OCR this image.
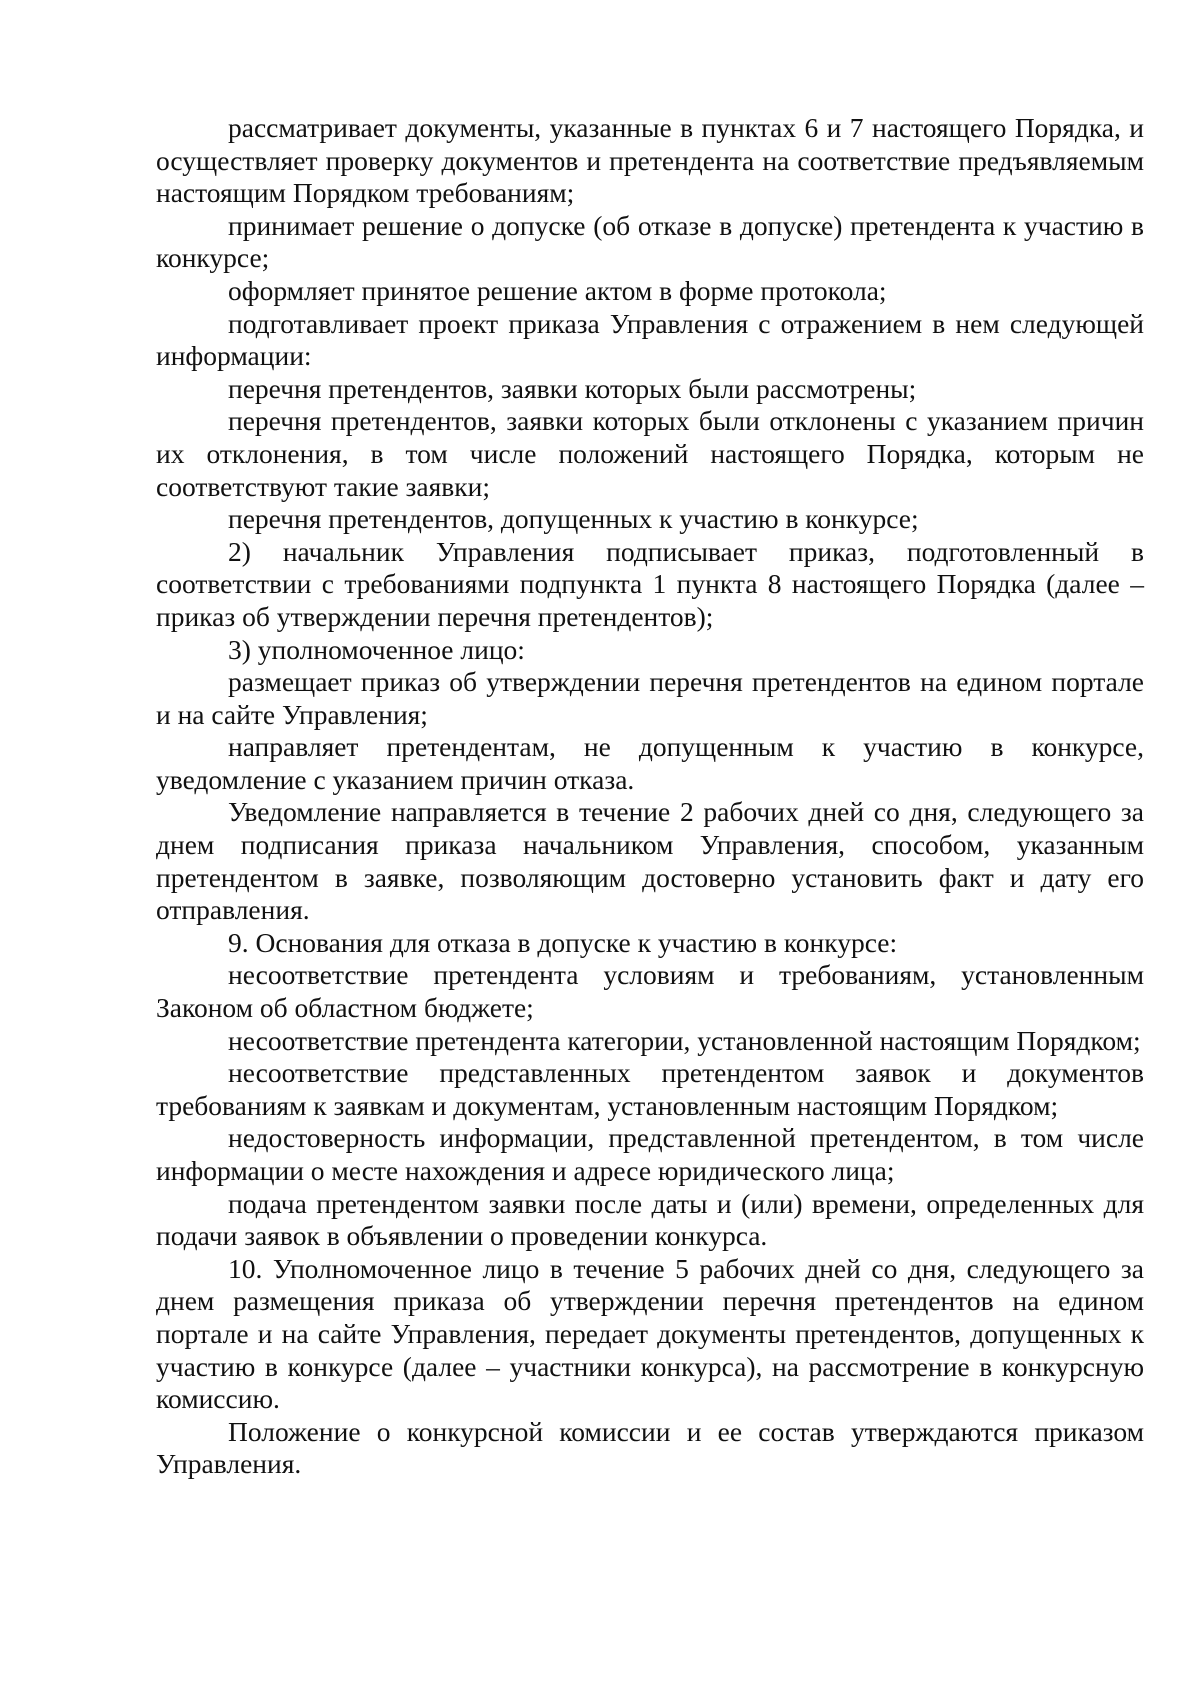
рассматривает документы, указанные в пунктах 6 и 7 настоящего Порядка, и осуществляет проверку документов и претендента на соответствие предъявляемым настоящим Порядком требованиям;

принимает решение о допуске (об отказе в допуске) претендента к участию в конкурсе;

оформляет принятое решение актом в форме протокола;

подготавливает проект приказа Управления с отражением в нем следующей информации:

перечня претендентов, заявки которых были рассмотрены;

перечня претендентов, заявки которых были отклонены с указанием причин их отклонения, в том числе положений настоящего Порядка, которым не соответствуют такие заявки;

перечня претендентов, допущенных к участию в конкурсе;

2) начальник Управления подписывает приказ, подготовленный в соответствии с требованиями подпункта 1 пункта 8 настоящего Порядка (далее – приказ об утверждении перечня претендентов);

3) уполномоченное лицо:

размещает приказ об утверждении перечня претендентов на едином портале и на сайте Управления;

направляет претендентам, не допущенным к участию в конкурсе, уведомление с указанием причин отказа.

Уведомление направляется в течение 2 рабочих дней со дня, следующего за днем подписания приказа начальником Управления, способом, указанным претендентом в заявке, позволяющим достоверно установить факт и дату его отправления.

9. Основания для отказа в допуске к участию в конкурсе:

несоответствие претендента условиям и требованиям, установленным Законом об областном бюджете;

несоответствие претендента категории, установленной настоящим Порядком;

несоответствие представленных претендентом заявок и документов требованиям к заявкам и документам, установленным настоящим Порядком;

недостоверность информации, представленной претендентом, в том числе информации о месте нахождения и адресе юридического лица;

подача претендентом заявки после даты и (или) времени, определенных для подачи заявок в объявлении о проведении конкурса.

10. Уполномоченное лицо в течение 5 рабочих дней со дня, следующего за днем размещения приказа об утверждении перечня претендентов на едином портале и на сайте Управления, передает документы претендентов, допущенных к участию в конкурсе (далее – участники конкурса), на рассмотрение в конкурсную комиссию.

Положение о конкурсной комиссии и ее состав утверждаются приказом Управления.
